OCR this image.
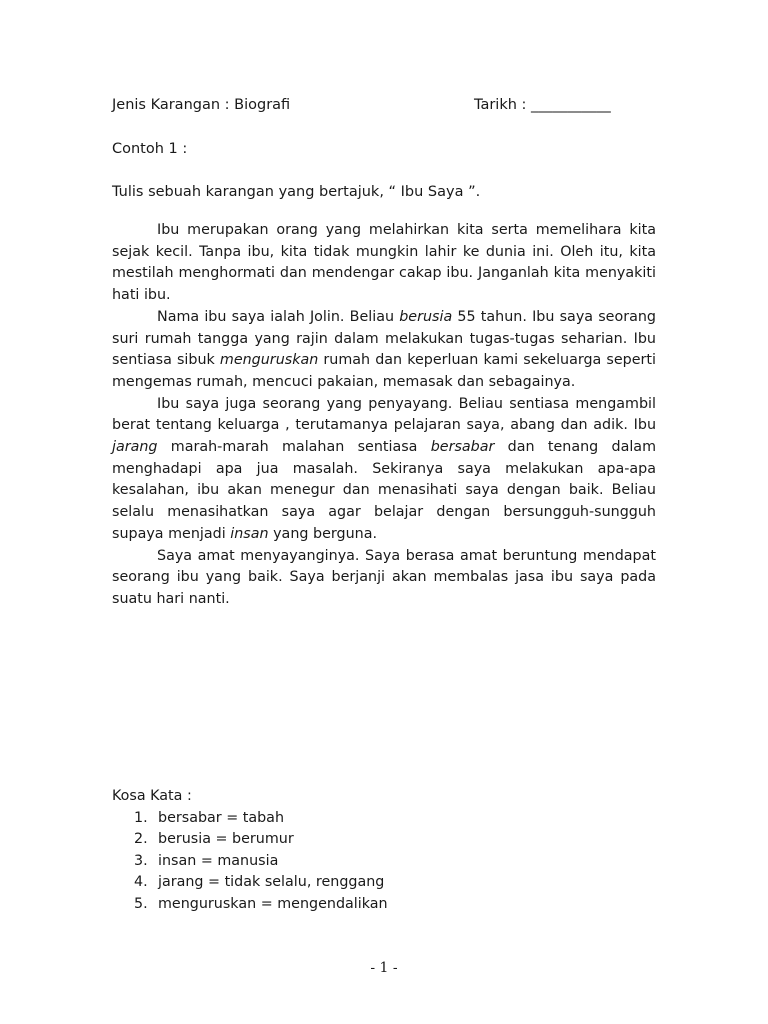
Jenis Karangan : Biografi	Tarikh : ___________
Contoh 1 :
Tulis sebuah karangan yang bertajuk, “ Ibu Saya ”.

Ibu merupakan orang yang melahirkan kita serta memelihara kita sejak kecil. Tanpa ibu, kita tidak mungkin lahir ke dunia ini. Oleh itu, kita mestilah menghormati dan mendengar cakap ibu. Janganlah kita menyakiti hati ibu.

Nama ibu saya ialah Jolin. Beliau berusia 55 tahun. Ibu saya seorang suri rumah tangga yang rajin dalam melakukan tugas-tugas seharian. Ibu sentiasa sibuk menguruskan rumah dan keperluan kami sekeluarga seperti mengemas rumah, mencuci pakaian, memasak dan sebagainya.

Ibu saya juga seorang yang penyayang. Beliau sentiasa mengambil berat tentang keluarga , terutamanya pelajaran saya, abang dan adik. Ibu jarang marah-marah malahan sentiasa bersabar dan tenang dalam menghadapi apa jua masalah. Sekiranya saya melakukan apa-apa kesalahan, ibu akan menegur dan menasihati saya dengan baik. Beliau selalu menasihatkan saya agar belajar dengan bersungguh-sungguh supaya menjadi insan yang berguna.

Saya amat menyayanginya. Saya berasa amat beruntung mendapat seorang ibu yang baik. Saya berjanji akan membalas jasa ibu saya pada suatu hari nanti.

Kosa Kata :
1. bersabar = tabah
2. berusia = berumur
3. insan = manusia
4. jarang = tidak selalu, renggang
5. menguruskan = mengendalikan
- 1 -
